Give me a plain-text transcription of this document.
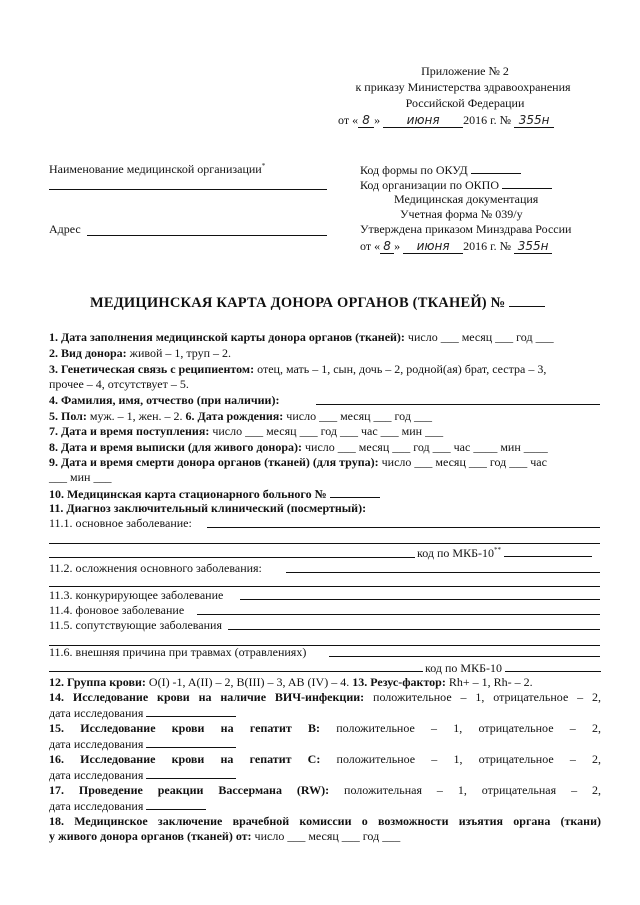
Приложение № 2
к приказу Министерства здравоохранения
Российской Федерации
от « 8 » июня 2016 г. № 355н
Наименование медицинской организации*
Адрес
Код формы по ОКУД
Код организации по ОКПО
Медицинская документация
Учетная форма № 039/у
Утверждена приказом Минздрава России
от « 8 » июня 2016 г. № 355н
МЕДИЦИНСКАЯ КАРТА ДОНОРА ОРГАНОВ (ТКАНЕЙ) №
1. Дата заполнения медицинской карты донора органов (тканей): число ___ месяц ___ год ___
2. Вид донора: живой – 1, труп – 2.
3. Генетическая связь с реципиентом: отец, мать – 1, сын, дочь – 2, родной(ая) брат, сестра – 3,
прочее – 4, отсутствует – 5.
4. Фамилия, имя, отчество (при наличии):
5. Пол: муж. – 1, жен. – 2. 6. Дата рождения: число ___ месяц ___ год ___
7. Дата и время поступления: число ___ месяц ___ год ___ час ___ мин ___
8. Дата и время выписки (для живого донора): число ___ месяц ___ год ___ час ____ мин ____
9. Дата и время смерти донора органов (тканей) (для трупа): число ___ месяц ___ год ___ час
___ мин ___
10. Медицинская карта стационарного больного №
11. Диагноз заключительный клинический (посмертный):
11.1. основное заболевание:
код по МКБ-10**
11.2. осложнения основного заболевания:
11.3. конкурирующее заболевание
11.4. фоновое заболевание
11.5. сопутствующие заболевания
11.6. внешняя причина при травмах (отравлениях)
код по МКБ-10
12. Группа крови: O(I) -1, A(II) – 2, B(III) – 3, AB (IV) – 4. 13. Резус-фактор: Rh+ – 1, Rh- – 2.
14. Исследование крови на наличие ВИЧ-инфекции: положительное – 1, отрицательное – 2,
дата исследования
15. Исследование крови на гепатит В: положительное – 1, отрицательное – 2,
дата исследования
16. Исследование крови на гепатит С: положительное – 1, отрицательное – 2,
дата исследования
17. Проведение реакции Вассермана (RW): положительная – 1, отрицательная – 2,
дата исследования
18. Медицинское заключение врачебной комиссии о возможности изъятия органа (ткани)
у живого донора органов (тканей) от: число ___ месяц ___ год ___
